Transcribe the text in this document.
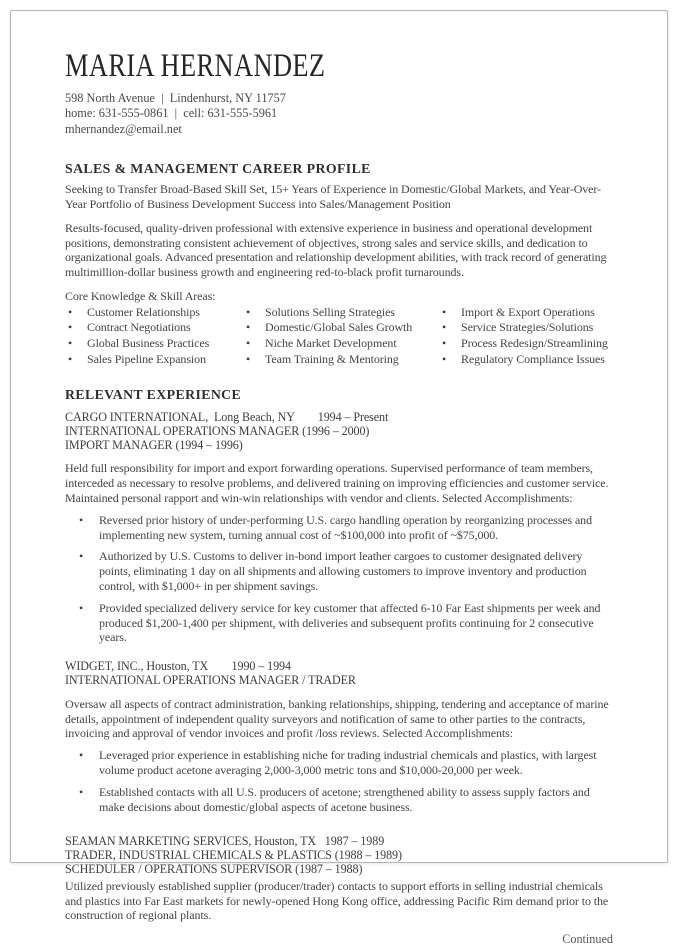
MARIA HERNANDEZ
598 North Avenue  |  Lindenhurst, NY 11757
home: 631-555-0861  |  cell: 631-555-5961
mhernandez@email.net
SALES & MANAGEMENT CAREER PROFILE

Seeking to Transfer Broad-Based Skill Set, 15+ Years of Experience in Domestic/Global Markets, and Year-Over-Year Portfolio of Business Development Success into Sales/Management Position

Results-focused, quality-driven professional with extensive experience in business and operational development positions, demonstrating consistent achievement of objectives, strong sales and service skills, and dedication to organizational goals. Advanced presentation and relationship development abilities, with track record of generating multimillion-dollar business growth and engineering red-to-black profit turnarounds.

Core Knowledge & Skill Areas:
•
Customer Relationships
•
Contract Negotiations
•
Global Business Practices
•
Sales Pipeline Expansion
•
Solutions Selling Strategies
•
Domestic/Global Sales Growth
•
Niche Market Development
•
Team Training & Mentoring
•
Import & Export Operations
•
Service Strategies/Solutions
•
Process Redesign/Streamlining
•
Regulatory Compliance Issues
RELEVANT EXPERIENCE
CARGO INTERNATIONAL,  Long Beach, NY        1994 – Present
INTERNATIONAL OPERATIONS MANAGER (1996 – 2000)
IMPORT MANAGER (1994 – 1996)

Held full responsibility for import and export forwarding operations. Supervised performance of team members, interceded as necessary to resolve problems, and delivered training on improving efficiencies and customer service. Maintained personal rapport and win-win relationships with vendor and clients. Selected Accomplishments:

•
Reversed prior history of under-performing U.S. cargo handling operation by reorganizing processes and implementing new system, turning annual cost of ~$100,000 into profit of ~$75,000.
•
Authorized by U.S. Customs to deliver in-bond import leather cargoes to customer designated delivery points, eliminating 1 day on all shipments and allowing customers to improve inventory and production control, with $1,000+ in per shipment savings.
•
Provided specialized delivery service for key customer that affected 6-10 Far East shipments per week and produced $1,200-1,400 per shipment, with deliveries and subsequent profits continuing for 2 consecutive years.
WIDGET, INC., Houston, TX        1990 – 1994
INTERNATIONAL OPERATIONS MANAGER / TRADER

Oversaw all aspects of contract administration, banking relationships, shipping, tendering and acceptance of marine details, appointment of independent quality surveyors and notification of same to other parties to the contracts, invoicing and approval of vendor invoices and profit /loss reviews. Selected Accomplishments:

•
Leveraged prior experience in establishing niche for trading industrial chemicals and plastics, with largest volume product acetone averaging 2,000-3,000 metric tons and $10,000-20,000 per week.
•
Established contacts with all U.S. producers of acetone; strengthened ability to assess supply factors and make decisions about domestic/global aspects of acetone business.
SEAMAN MARKETING SERVICES, Houston, TX   1987 – 1989
TRADER, INDUSTRIAL CHEMICALS & PLASTICS (1988 – 1989)
SCHEDULER / OPERATIONS SUPERVISOR (1987 – 1988)

Utilized previously established supplier (producer/trader) contacts to support efforts in selling industrial chemicals and plastics into Far East markets for newly-opened Hong Kong office, addressing Pacific Rim demand prior to the construction of regional plants.

Continued
